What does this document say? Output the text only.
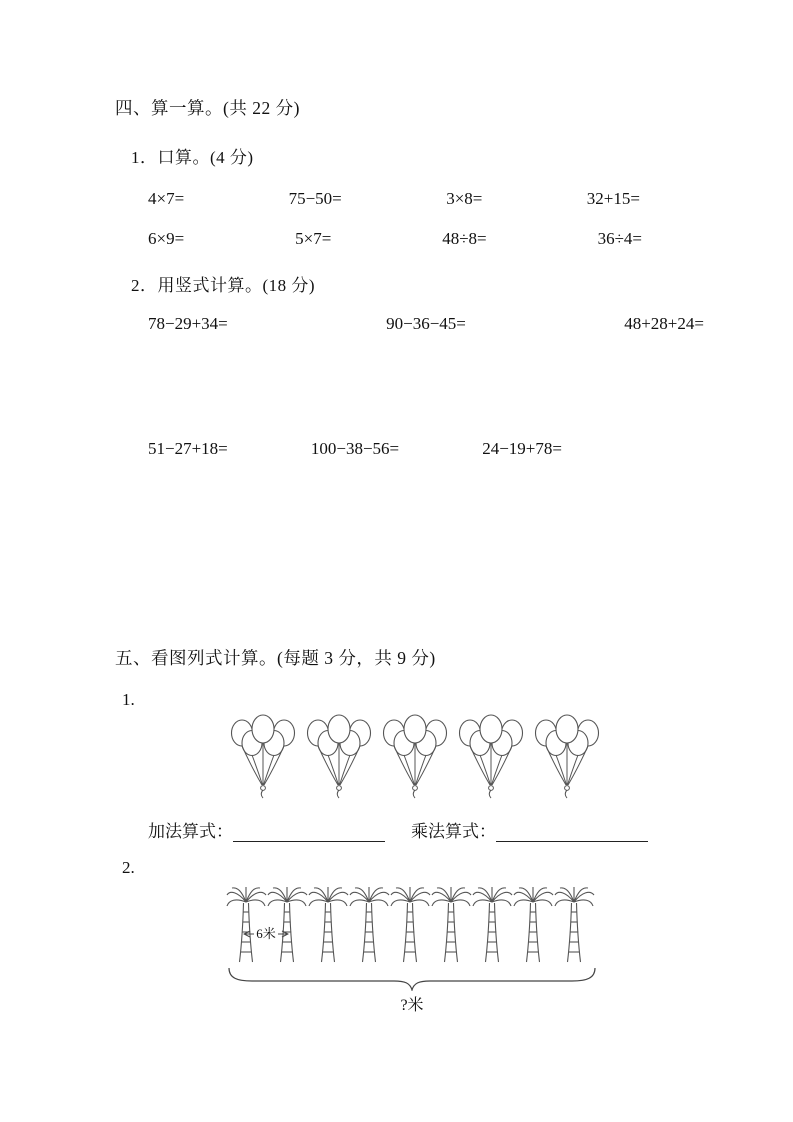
四、算一算。(共 22 分)
1．口算。(4 分)
4×7=	75−50=	3×8=	32+15=
6×9=	5×7=	48÷8=	36÷4=
2．用竖式计算。(18 分)
78−29+34=	90−36−45=	48+28+24=
51−27+18=	100−38−56=	24−19+78=
五、看图列式计算。(每题 3 分，共 9 分)
1.
加法算式：	乘法算式：
2.
6米
?米
